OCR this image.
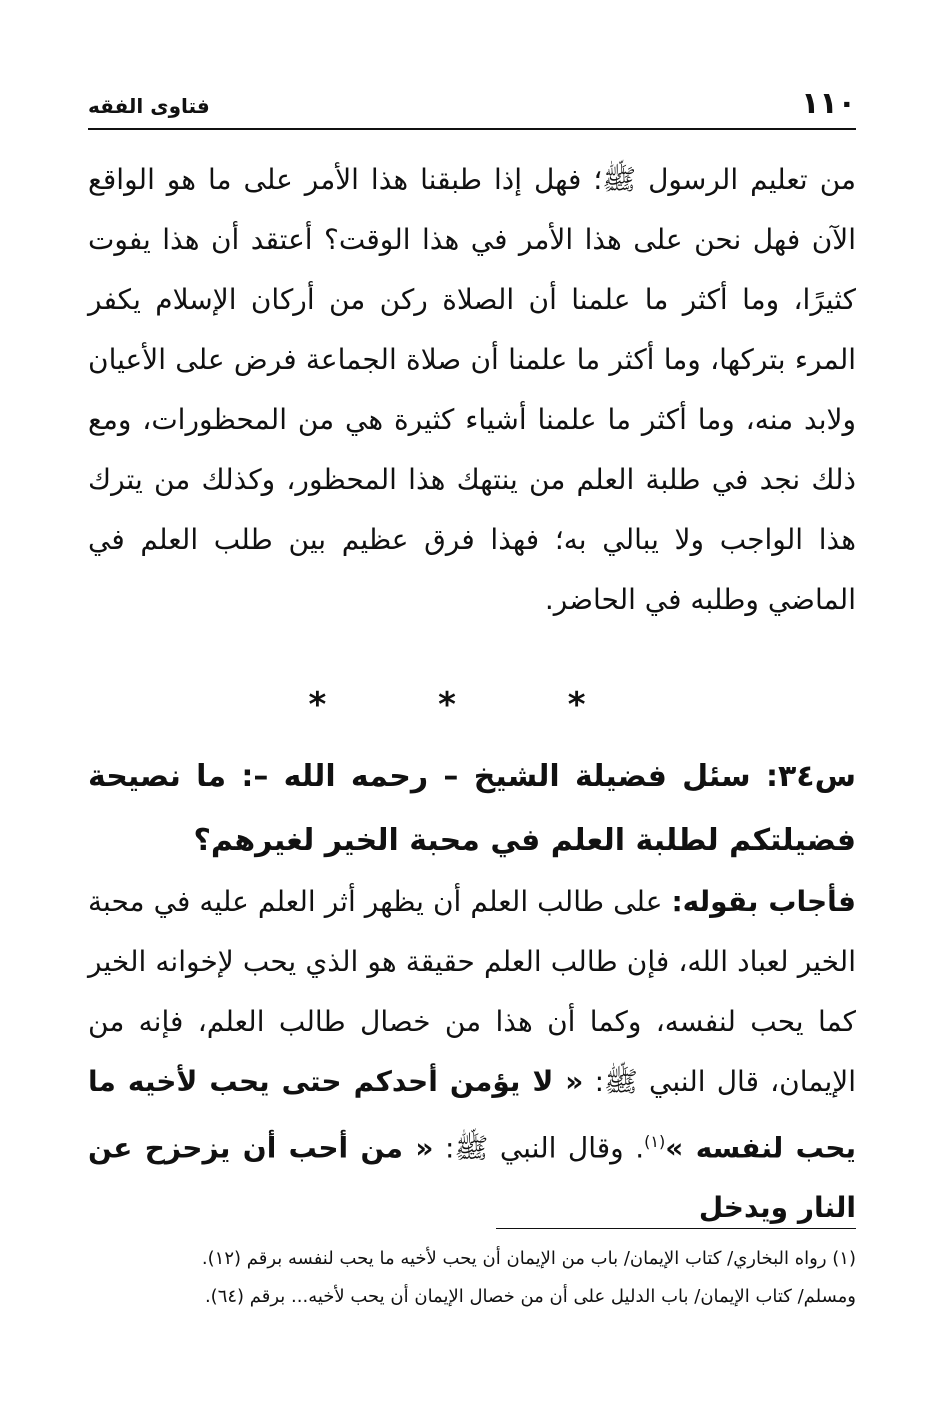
١١٠
فتاوى الفقه
من تعليم الرسول ﷺ؛ فهل إذا طبقنا هذا الأمر على ما هو الواقع الآن فهل نحن على هذا الأمر في هذا الوقت؟ أعتقد أن هذا يفوت كثيرًا، وما أكثر ما علمنا أن الصلاة ركن من أركان الإسلام يكفر المرء بتركها، وما أكثر ما علمنا أن صلاة الجماعة فرض على الأعيان ولابد منه، وما أكثر ما علمنا أشياء كثيرة هي من المحظورات، ومع ذلك نجد في طلبة العلم من ينتهك هذا المحظور، وكذلك من يترك هذا الواجب ولا يبالي به؛ فهذا فرق عظيم بين طلب العلم في الماضي وطلبه في الحاضر.
* * *
س٣٤: سئل فضيلة الشيخ – رحمه الله –: ما نصيحة فضيلتكم لطلبة العلم في محبة الخير لغيرهم؟
فأجاب بقوله: على طالب العلم أن يظهر أثر العلم عليه في محبة الخير لعباد الله، فإن طالب العلم حقيقة هو الذي يحب لإخوانه الخير كما يحب لنفسه، وكما أن هذا من خصال طالب العلم، فإنه من الإيمان، قال النبي ﷺ: « لا يؤمن أحدكم حتى يحب لأخيه ما يحب لنفسه »$^{(١)}$. وقال النبي ﷺ: « من أحب أن يزحزح عن النار ويدخل

(١) رواه البخاري/ كتاب الإيمان/ باب من الإيمان أن يحب لأخيه ما يحب لنفسه برقم (١٢).

ومسلم/ كتاب الإيمان/ باب الدليل على أن من خصال الإيمان أن يحب لأخيه... برقم (٦٤).
